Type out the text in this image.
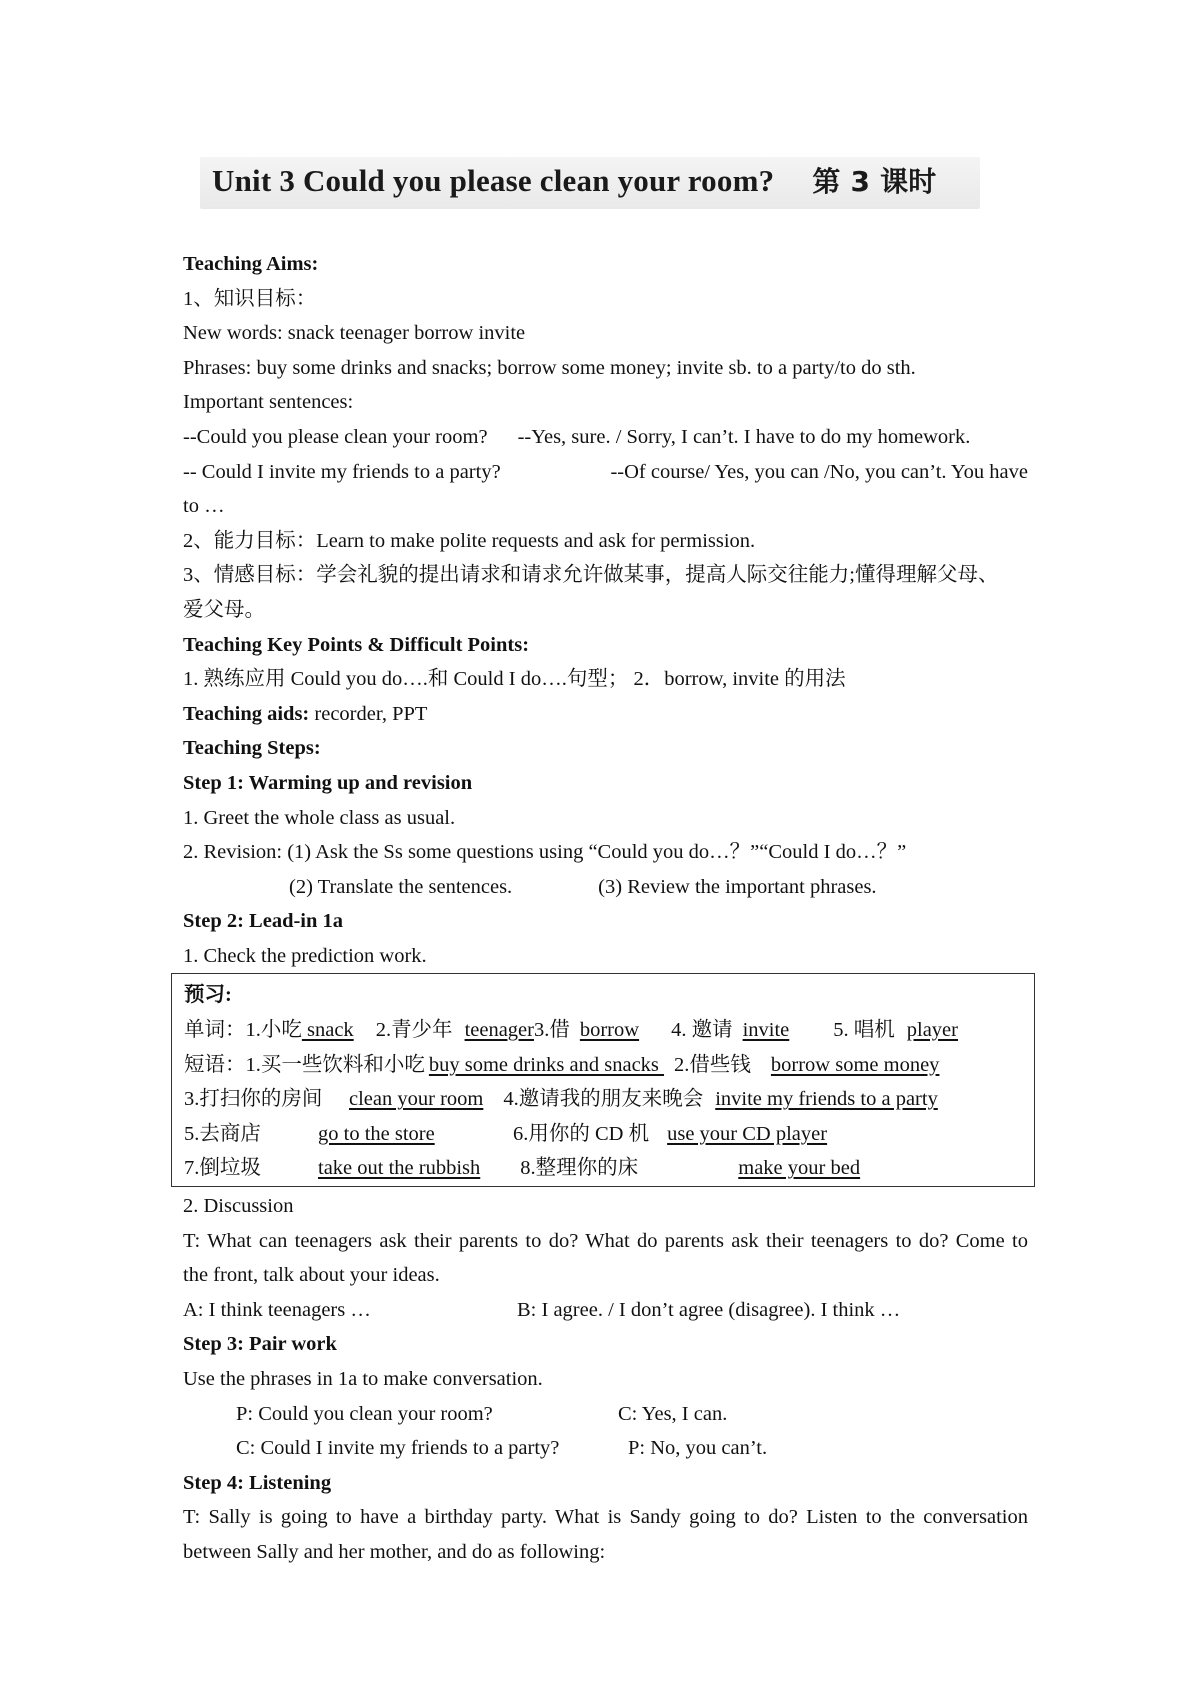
Unit 3 Could you please clean your room? 第 3 课时
Teaching Aims:
1、知识目标：
New words: snack teenager borrow invite
Phrases: buy some drinks and snacks; borrow some money; invite sb. to a party/to do sth.
Important sentences:
--Could you please clean your room? --Yes, sure. / Sorry, I can’t. I have to do my homework.
-- Could I invite my friends to a party?	--Of course/ Yes, you can /No, you can’t. You have
to …
2、能力目标：Learn to make polite requests and ask for permission.
3、情感目标：学会礼貌的提出请求和请求允许做某事，提高人际交往能力;懂得理解父母、
爱父母。
Teaching Key Points & Difficult Points:
1. 熟练应用 Could you do….和 Could I do….句型； 2．borrow, invite 的用法
Teaching aids: recorder, PPT
Teaching Steps:
Step 1: Warming up and revision
1. Greet the whole class as usual.
2. Revision: (1) Ask the Ss some questions using “Could you do…？”“Could I do…？”
(2) Translate the sentences.	(3) Review the important phrases.
Step 2: Lead-in 1a
1. Check the prediction work.
预习:
单词：1.小吃 snack 2.青少年 teenager3.借 borrow 4. 邀请 invite 5. 唱机 player
短语：1.买一些饮料和小吃 buy some drinks and snacks 2.借些钱 borrow some money
3.打扫你的房间 clean your room 4.邀请我的朋友来晚会 invite my friends to a party
5.去商店	go to the store	6.用你的 CD 机 use your CD player
7.倒垃圾	take out the rubbish 8.整理你的床	make your bed
2. Discussion
T: What can teenagers ask their parents to do? What do parents ask their teenagers to do? Come to
the front, talk about your ideas.
A: I think teenagers …	B: I agree. / I don’t agree (disagree). I think …
Step 3: Pair work
Use the phrases in 1a to make conversation.
P: Could you clean your room?	C: Yes, I can.
C: Could I invite my friends to a party?	P: No, you can’t.
Step 4: Listening
T: Sally is going to have a birthday party. What is Sandy going to do? Listen to the conversation
between Sally and her mother, and do as following:
